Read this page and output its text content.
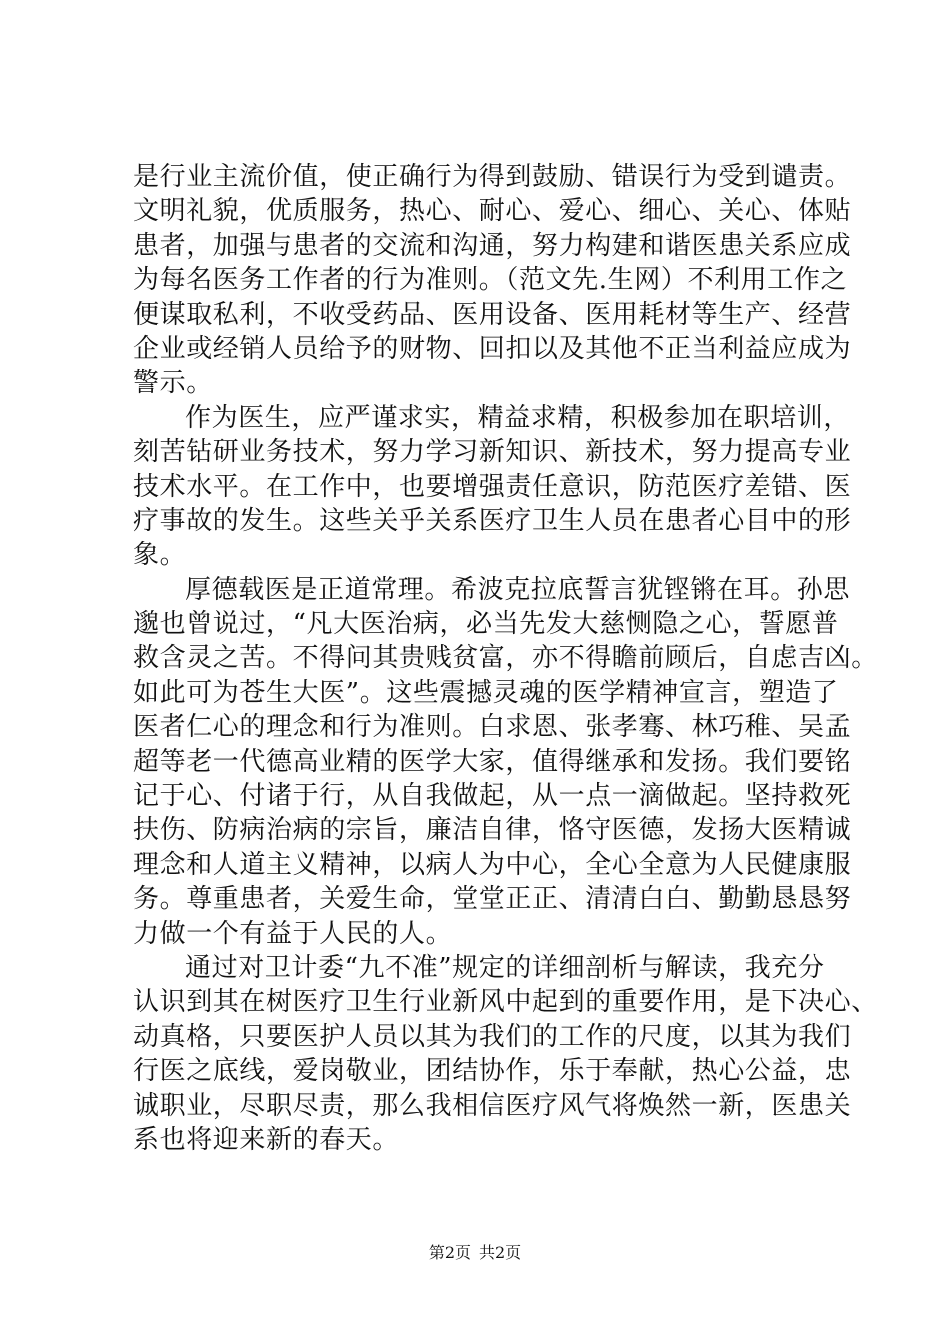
是行业主流价值，使正确行为得到鼓励、错误行为受到谴责。
文明礼貌，优质服务，热心、耐心、爱心、细心、关心、体贴
患者，加强与患者的交流和沟通，努力构建和谐医患关系应成
为每名医务工作者的行为准则。（范文先.生网）不利用工作之
便谋取私利，不收受药品、医用设备、医用耗材等生产、经营
企业或经销人员给予的财物、回扣以及其他不正当利益应成为
警示。
作为医生，应严谨求实，精益求精，积极参加在职培训，
刻苦钻研业务技术，努力学习新知识、新技术，努力提高专业
技术水平。在工作中，也要增强责任意识，防范医疗差错、医
疗事故的发生。这些关乎关系医疗卫生人员在患者心目中的形
象。
厚德载医是正道常理。希波克拉底誓言犹铿锵在耳。孙思
邈也曾说过，“凡大医治病，必当先发大慈恻隐之心，誓愿普
救含灵之苦。不得问其贵贱贫富，亦不得瞻前顾后，自虑吉凶。
如此可为苍生大医”。这些震撼灵魂的医学精神宣言，塑造了
医者仁心的理念和行为准则。白求恩、张孝骞、林巧稚、吴孟
超等老一代德高业精的医学大家，值得继承和发扬。我们要铭
记于心、付诸于行，从自我做起，从一点一滴做起。坚持救死
扶伤、防病治病的宗旨，廉洁自律，恪守医德，发扬大医精诚
理念和人道主义精神，以病人为中心，全心全意为人民健康服
务。尊重患者，关爱生命，堂堂正正、清清白白、勤勤恳恳努
力做一个有益于人民的人。
通过对卫计委“九不准”规定的详细剖析与解读，我充分
认识到其在树医疗卫生行业新风中起到的重要作用，是下决心、
动真格，只要医护人员以其为我们的工作的尺度，以其为我们
行医之底线，爱岗敬业，团结协作，乐于奉献，热心公益，忠
诚职业，尽职尽责，那么我相信医疗风气将焕然一新，医患关
系也将迎来新的春天。
第2页 共2页
